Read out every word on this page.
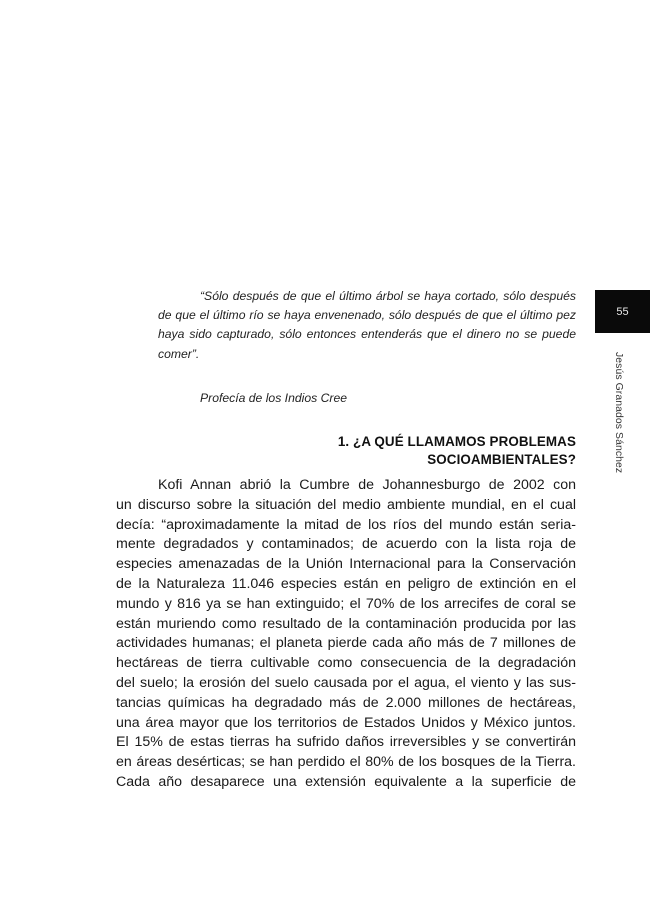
“Sólo después de que el último árbol se haya cortado, sólo después de que el último río se haya envenenado, sólo después de que el último pez haya sido capturado, sólo entonces entenderás que el dinero no se puede comer”.

Profecía de los Indios Cree
1. ¿A QUÉ LLAMAMOS PROBLEMAS
SOCIOAMBIENTALES?
Kofi Annan abrió la Cumbre de Johannesburgo de 2002 con
un discurso sobre la situación del medio ambiente mundial, en el cual
decía: “aproximadamente la mitad de los ríos del mundo están seria-
mente degradados y contaminados; de acuerdo con la lista roja de
especies amenazadas de la Unión Internacional para la Conservación
de la Naturaleza 11.046 especies están en peligro de extinción en el
mundo y 816 ya se han extinguido; el 70% de los arrecifes de coral se
están muriendo como resultado de la contaminación producida por las
actividades humanas; el planeta pierde cada año más de 7 millones de
hectáreas de tierra cultivable como consecuencia de la degradación
del suelo; la erosión del suelo causada por el agua, el viento y las sus-
tancias químicas ha degradado más de 2.000 millones de hectáreas,
una área mayor que los territorios de Estados Unidos y México juntos.
El 15% de estas tierras ha sufrido daños irreversibles y se convertirán
en áreas desérticas; se han perdido el 80% de los bosques de la Tierra.
Cada año desaparece una extensión equivalente a la superficie de
55
Jesús Granados Sánchez
